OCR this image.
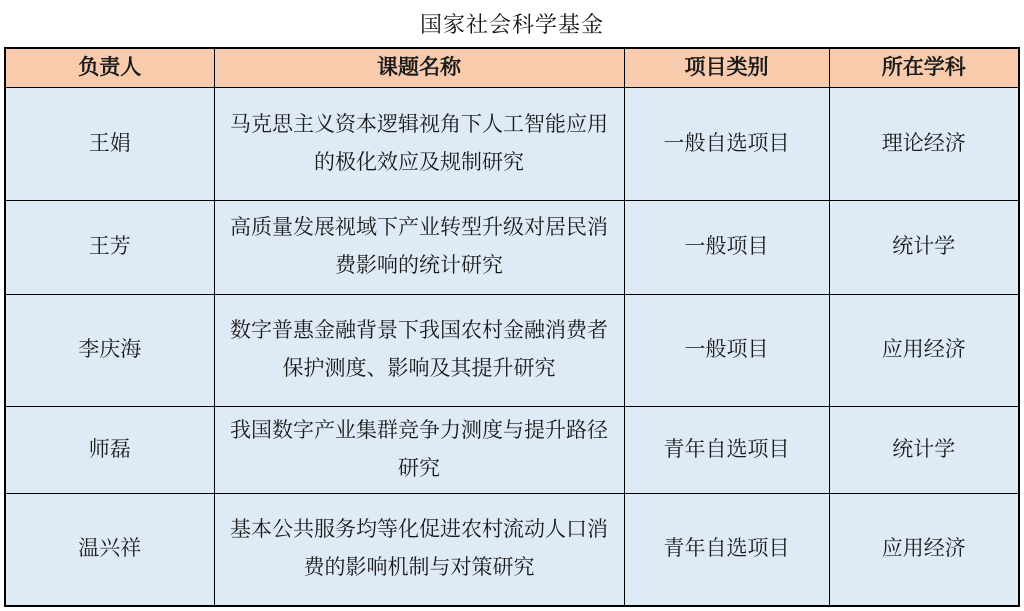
国家社会科学基金
负责人	课题名称	项目类别	所在学科
王娟	马克思主义资本逻辑视角下人工智能应用的极化效应及规制研究	一般自选项目	理论经济
王芳	高质量发展视域下产业转型升级对居民消费影响的统计研究	一般项目	统计学
李庆海	数字普惠金融背景下我国农村金融消费者保护测度、影响及其提升研究	一般项目	应用经济
师磊	我国数字产业集群竞争力测度与提升路径研究	青年自选项目	统计学
温兴祥	基本公共服务均等化促进农村流动人口消费的影响机制与对策研究	青年自选项目	应用经济
